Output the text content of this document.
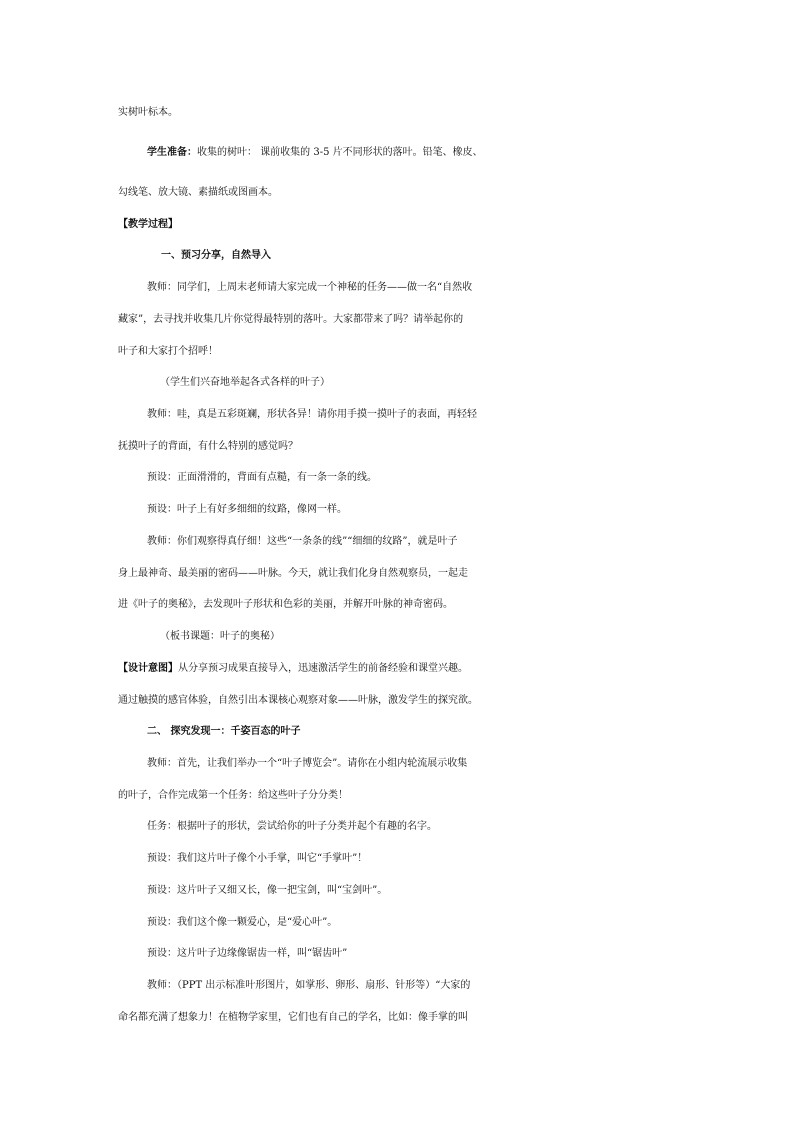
实树叶标本。
学生准备：收集的树叶： 课前收集的 3-5 片不同形状的落叶。铅笔、橡皮、
勾线笔、放大镜、素描纸或图画本。
【教学过程】
一、预习分享，自然导入
教师：同学们，上周末老师请大家完成一个神秘的任务——做一名“自然收
藏家”，去寻找并收集几片你觉得最特别的落叶。大家都带来了吗？请举起你的
叶子和大家打个招呼！
（学生们兴奋地举起各式各样的叶子）
教师：哇，真是五彩斑斓，形状各异！请你用手摸一摸叶子的表面，再轻轻
抚摸叶子的背面，有什么特别的感觉吗？
预设：正面滑滑的，背面有点糙，有一条一条的线。
预设：叶子上有好多细细的纹路，像网一样。
教师：你们观察得真仔细！这些“一条条的线”“细细的纹路”，就是叶子
身上最神奇、最美丽的密码——叶脉。今天，就让我们化身自然观察员，一起走
进《叶子的奥秘》，去发现叶子形状和色彩的美丽，并解开叶脉的神奇密码。
（板书课题：叶子的奥秘）
【设计意图】从分享预习成果直接导入，迅速激活学生的前备经验和课堂兴趣。
通过触摸的感官体验，自然引出本课核心观察对象——叶脉，激发学生的探究欲。
二、 探究发现一：千姿百态的叶子
教师：首先，让我们举办一个“叶子博览会”。请你在小组内轮流展示收集
的叶子，合作完成第一个任务：给这些叶子分分类！
任务：根据叶子的形状，尝试给你的叶子分类并起个有趣的名字。
预设：我们这片叶子像个小手掌，叫它“手掌叶”！
预设：这片叶子又细又长，像一把宝剑，叫“宝剑叶”。
预设：我们这个像一颗爱心，是“爱心叶”。
预设：这片叶子边缘像锯齿一样，叫“锯齿叶”
教师：（PPT 出示标准叶形图片，如掌形、卵形、扇形、针形等）“大家的
命名都充满了想象力！在植物学家里，它们也有自己的学名，比如：像手掌的叫
